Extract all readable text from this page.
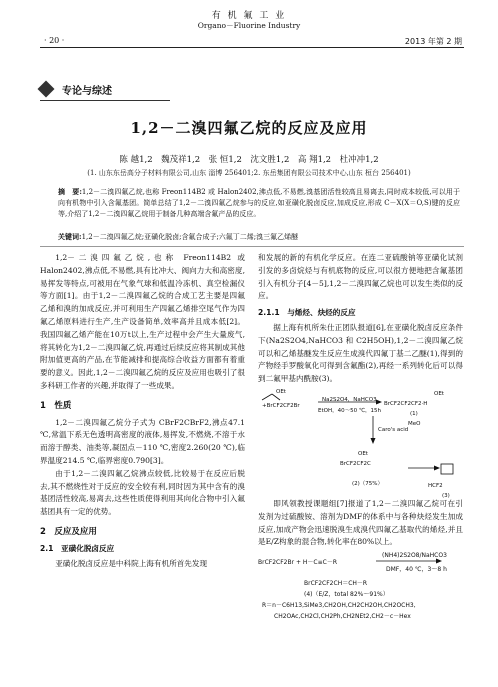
有 机 氟 工 业
Organo－Fluorine Industry
· 20 ·	2013 年第 2 期
专论与综述
1,2－二溴四氟乙烷的反应及应用
陈 越1,2　魏茂祥1,2　张 恒1,2　沈文胜1,2　高 翔1,2　杜冲冲1,2
(1. 山东东岳高分子材料有限公司,山东 淄博 256401;2. 东岳集团有限公司技术中心,山东 桓台 256401)
摘　要:1,2－二溴四氟乙烷,也称 Freon114B2 或 Halon2402,沸点低,不易燃,溴基团活性较高且易离去,同时成本较低,可以用于向有机物中引入含氟基团。简单总结了1,2－二溴四氟乙烷参与的反应,如亚磺化脱卤反应,加成反应,形成 C－X(X＝O,S)键的反应等,介绍了1,2－二溴四氟乙烷用于制备几种高端含氟产品的反应。
关键词:1,2－二溴四氟乙烷;亚磺化脱卤;含氟合成子;六氟丁二烯;溴三氟乙烯醚

1,2－二溴四氟乙烷,也称 Freon114B2 或 Halon2402,沸点低,不易燃,具有比冲大、阀向力大和高密度,易挥发等特点,可被用在气象气球和低温冷冻机、真空检漏仪等方面[1]。由于1,2－二溴四氟乙烷的合成工艺主要是四氟乙烯和溴的加成反应,并可利用生产四氟乙烯排空尾气作为四氟乙烯原料进行生产,生产设备简单,效率高并且成本低[2]。我国四氟乙烯产能在10万t以上,生产过程中会产生大量废气,将其转化为1,2－二溴四氟乙烷,再通过后续反应将其制成其他附加值更高的产品,在节能减排和提高综合收益方面都有着重要的意义。因此,1,2－二溴四氟乙烷的反应及应用也吸引了很多科研工作者的兴趣,并取得了一些成果。

1　性质

1,2－二溴四氟乙烷分子式为 CBrF2CBrF2,沸点47.1 ℃,常温下系无色透明高密度的液体,易挥发,不燃烧,不溶于水而溶于醇类、油类等,凝固点－110 ℃,密度2.260(20 ℃),临界温度214.5 ℃,临界密度0.790[3]。

由于1,2－二溴四氟乙烷沸点较低,比较易于在反应后脱去,其不燃烧性对于反应的安全较有利,同时因为其中含有的溴基团活性较高,易离去,这些性质使得利用其向化合物中引入氟基团具有一定的优势。

2　反应及应用
2.1　亚磺化脱卤反应

亚磺化脱卤反应是中科院上海有机所首先发现

和发展的新的有机化学反应。在连二亚硫酸钠等亚磺化试剂引发的多卤烷烃与有机底物的反应,可以很方便地把含氟基团引入有机分子[4－5],1,2－二溴四氟乙烷也可以发生类似的反应。

2.1.1　与烯烃、炔烃的反应

据上海有机所朱仕正团队报道[6],在亚磺化脱卤反应条件下(Na2S2O4,NaHCO3 和 C2H5OH),1,2－二溴四氟乙烷可以和乙烯基醚发生反应生成溴代四氟丁基二乙醚(1),得到的产物经手罗酸氧化可得到含氟酯(2),再经一系列转化后可以得到二氟甲基内酰胺(3)。

OEt
+BrCF2CF2Br
Na2S2O4，NaHCO3
EtOH，40～50 ℃，15h
BrCF2CF2CF2·H
OEt
(1)
Caro's acid
MeO
OEt
BrCF2CF2C
(2)（75%）	HCF2
(3)

即风领教授课题组[7]报道了1,2－二溴四氟乙烷可在引发剂为过硫酸铵、溶剂为DMF的体系中与各种炔烃发生加成反应,加成产物会迅速脱溴生成溴代四氟乙基取代的烯烃,并且是E/Z构象的混合物,转化率在80%以上。

BrCF2CF2Br + H－C≡C－R
(NH4)2S2O8/NaHCO3
DMF，40 ℃，3～8 h
BrCF2CF2CH＝CH－R
(4)（E/Z，total 82%～91%）
R＝n－C6H13,SiMe3,CH2OH,CH2CH2OH,CH2OCH3,
CH2OAc,CH2Cl,CH2Ph,CH2NEt2,CH2－c－Hex
